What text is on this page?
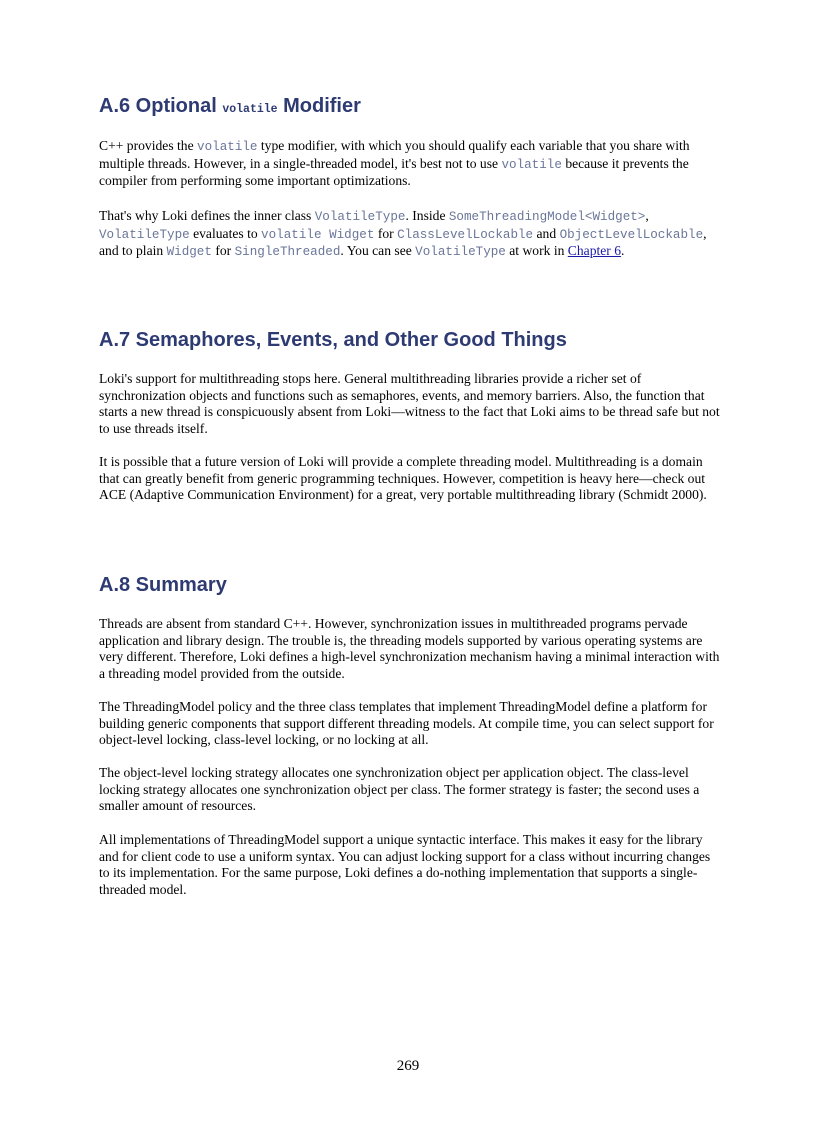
A.6 Optional volatile Modifier

C++ provides the volatile type modifier, with which you should qualify each variable that you share with multiple threads. However, in a single-threaded model, it's best not to use volatile because it prevents the compiler from performing some important optimizations.

That's why Loki defines the inner class VolatileType. Inside SomeThreadingModel<Widget>, VolatileType evaluates to volatile Widget for ClassLevelLockable and ObjectLevelLockable, and to plain Widget for SingleThreaded. You can see VolatileType at work in Chapter 6.

A.7 Semaphores, Events, and Other Good Things

Loki's support for multithreading stops here. General multithreading libraries provide a richer set of synchronization objects and functions such as semaphores, events, and memory barriers. Also, the function that starts a new thread is conspicuously absent from Loki—witness to the fact that Loki aims to be thread safe but not to use threads itself.

It is possible that a future version of Loki will provide a complete threading model. Multithreading is a domain that can greatly benefit from generic programming techniques. However, competition is heavy here—check out ACE (Adaptive Communication Environment) for a great, very portable multithreading library (Schmidt 2000).

A.8 Summary

Threads are absent from standard C++. However, synchronization issues in multithreaded programs pervade application and library design. The trouble is, the threading models supported by various operating systems are very different. Therefore, Loki defines a high-level synchronization mechanism having a minimal interaction with a threading model provided from the outside.

The ThreadingModel policy and the three class templates that implement ThreadingModel define a platform for building generic components that support different threading models. At compile time, you can select support for object-level locking, class-level locking, or no locking at all.

The object-level locking strategy allocates one synchronization object per application object. The class-level locking strategy allocates one synchronization object per class. The former strategy is faster; the second uses a smaller amount of resources.

All implementations of ThreadingModel support a unique syntactic interface. This makes it easy for the library and for client code to use a uniform syntax. You can adjust locking support for a class without incurring changes to its implementation. For the same purpose, Loki defines a do-nothing implementation that supports a single-threaded model.

269
